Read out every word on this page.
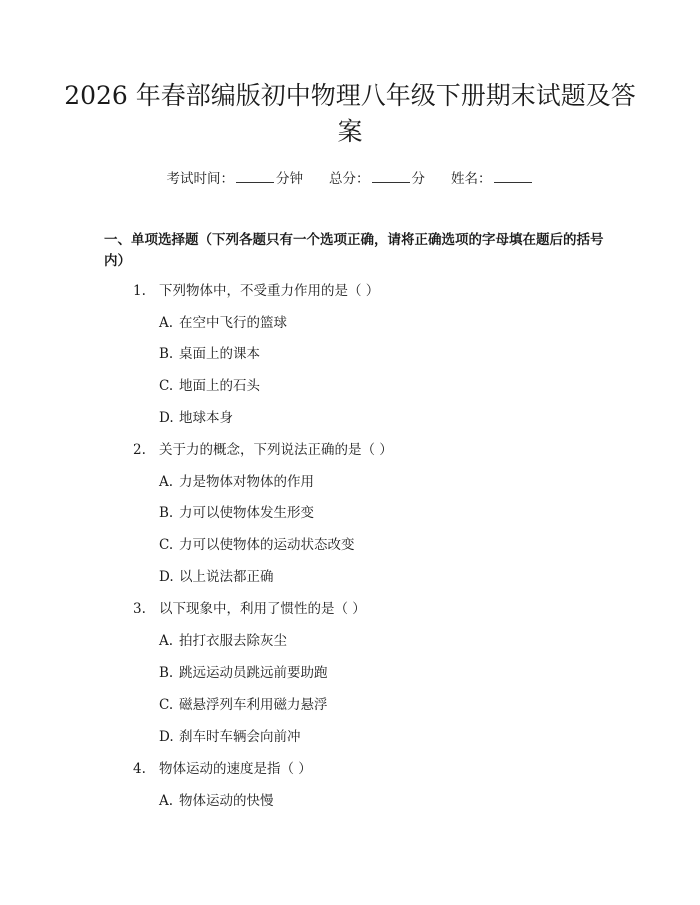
2026 年春部编版初中物理八年级下册期末试题及答案
考试时间：	分钟 总分：	分 姓名：

一、单项选择题（下列各题只有一个选项正确，请将正确选项的字母填在题后的括号内）

1. 下列物体中，不受重力作用的是（ ）
A. 在空中飞行的篮球
B. 桌面上的课本
C. 地面上的石头
D. 地球本身
2. 关于力的概念，下列说法正确的是（ ）
A. 力是物体对物体的作用
B. 力可以使物体发生形变
C. 力可以使物体的运动状态改变
D. 以上说法都正确
3. 以下现象中，利用了惯性的是（ ）
A. 拍打衣服去除灰尘
B. 跳远运动员跳远前要助跑
C. 磁悬浮列车利用磁力悬浮
D. 刹车时车辆会向前冲
4. 物体运动的速度是指（ ）
A. 物体运动的快慢
